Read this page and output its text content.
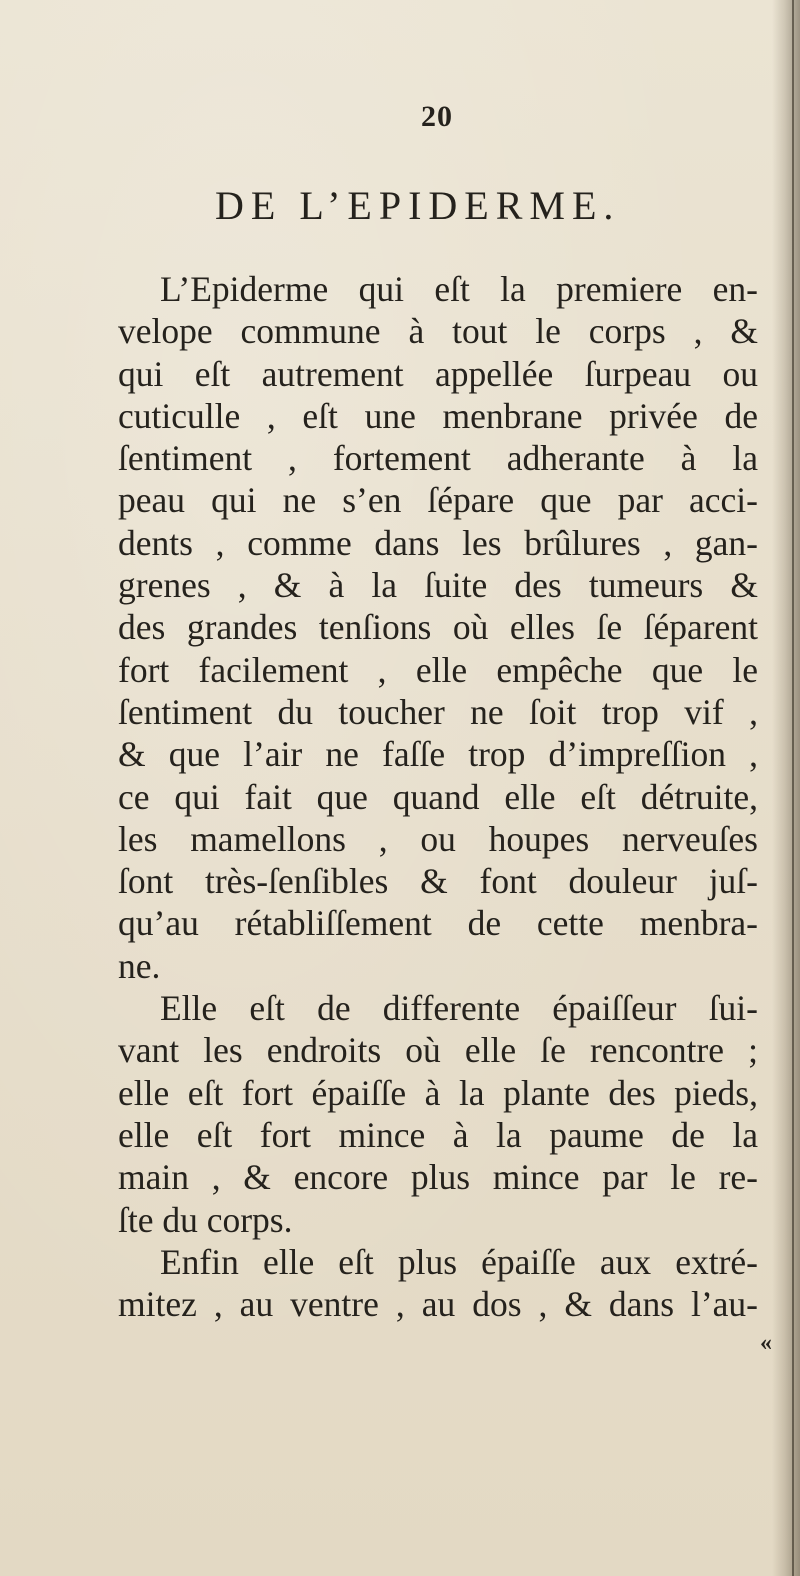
20
DE L’EPIDERME.
L’Epiderme qui eſt la premiere en-
velope commune à tout le corps , &
qui eſt autrement appellée ſurpeau ou
cuticulle , eſt une menbrane privée de
ſentiment , fortement adherante à la
peau qui ne s’en ſépare que par acci-
dents , comme dans les brûlures , gan-
grenes , & à la ſuite des tumeurs &
des grandes tenſions où elles ſe ſéparent
fort facilement , elle empêche que le
ſentiment du toucher ne ſoit trop vif ,
& que l’air ne faſſe trop d’impreſſion ,
ce qui fait que quand elle eſt détruite,
les mamellons , ou houpes nerveuſes
ſont très-ſenſibles & font douleur juſ-
qu’au rétabliſſement de cette menbra-
ne.
Elle eſt de differente épaiſſeur ſui-
vant les endroits où elle ſe rencontre ;
elle eſt fort épaiſſe à la plante des pieds,
elle eſt fort mince à la paume de la
main , & encore plus mince par le re-
ſte du corps.
Enfin elle eſt plus épaiſſe aux extré-
mitez , au ventre , au dos , & dans l’au-
«
